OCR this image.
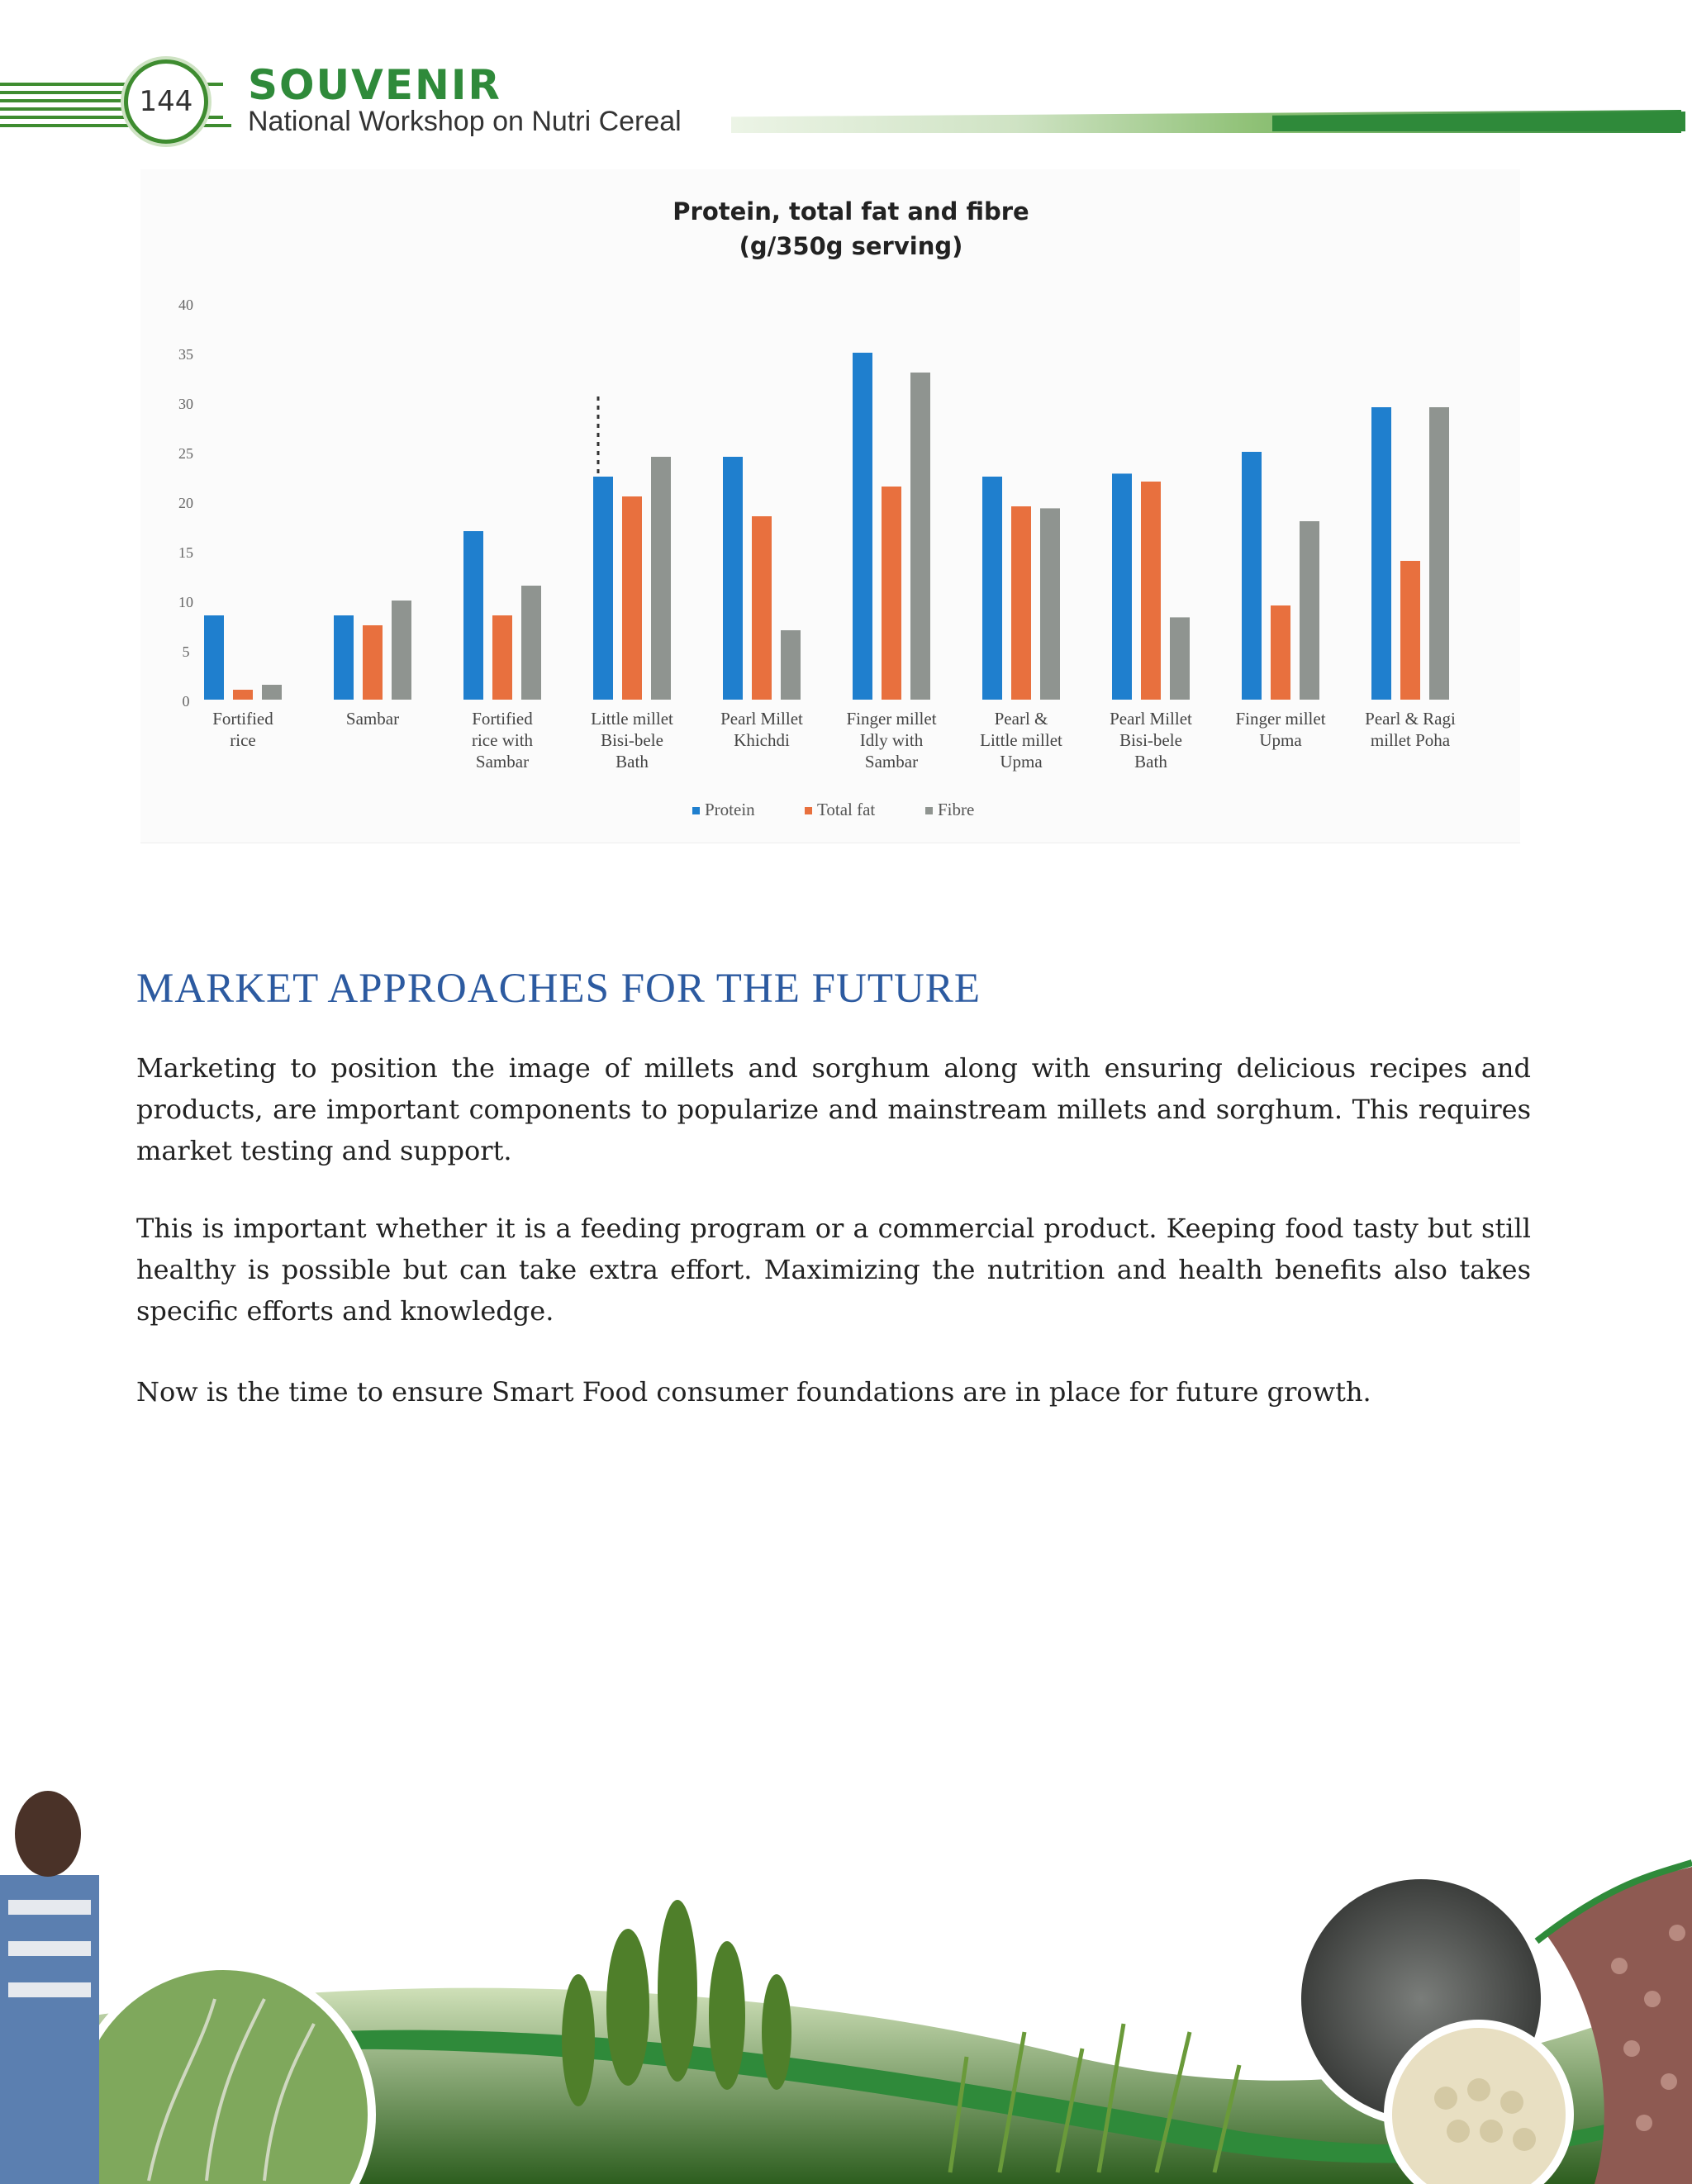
144 SOUVENIR
National Workshop on Nutri Cereal
Protein, total fat and fibre
(g/350g serving)
0
5
10
15
20
25
30
35
40
Fortified rice
Sambar	Fortified rice with Sambar
Little millet Bisi-bele Bath
Pearl Millet Khichdi
Finger millet Idly with Sambar
Pearl & Little millet Upma
Pearl Millet Bisi-bele Bath
Finger millet Upma
Pearl & Ragi millet Poha
Protein	Total fat	Fibre
MARKET APPROACHES FOR THE FUTURE

Marketing to position the image of millets and sorghum along with ensuring delicious recipes and products, are important components to popularize and mainstream millets and sorghum. This requires market testing and support.

This is important whether it is a feeding program or a commercial product. Keeping food tasty but still healthy is possible but can take extra effort. Maximizing the nutrition and health benefits also takes specific efforts and knowledge.

Now is the time to ensure Smart Food consumer foundations are in place for future growth.
